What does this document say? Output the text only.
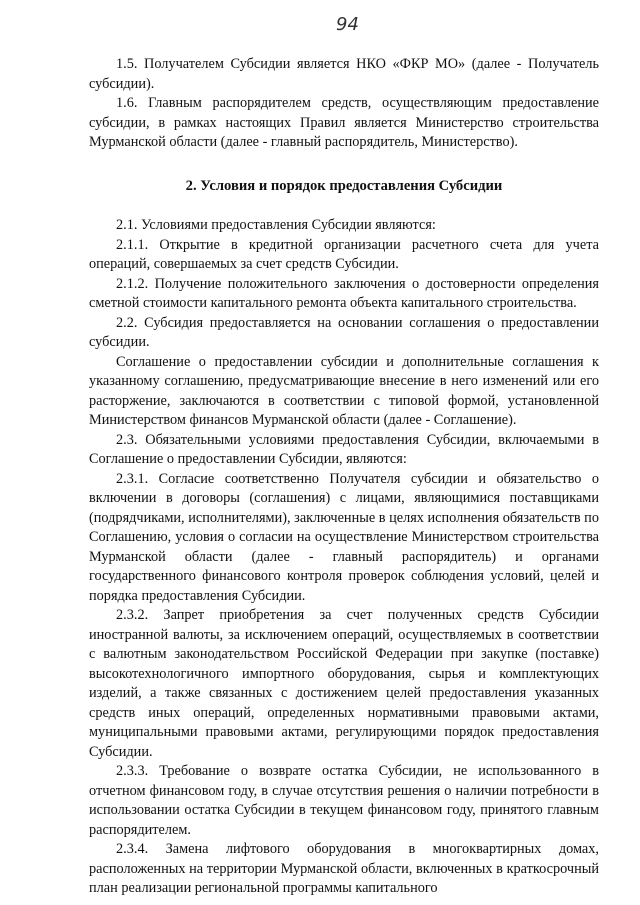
94

1.5. Получателем Субсидии является НКО «ФКР МО» (далее - Получатель субсидии).

1.6. Главным распорядителем средств, осуществляющим предоставление субсидии, в рамках настоящих Правил является Министерство строительства Мурманской области (далее - главный распорядитель, Министерство).

2. Условия и порядок предоставления Субсидии

2.1. Условиями предоставления Субсидии являются:

2.1.1. Открытие в кредитной организации расчетного счета для учета операций, совершаемых за счет средств Субсидии.

2.1.2. Получение положительного заключения о достоверности определения сметной стоимости капитального ремонта объекта капитального строительства.

2.2. Субсидия предоставляется на основании соглашения о предоставлении субсидии.

Соглашение о предоставлении субсидии и дополнительные соглашения к указанному соглашению, предусматривающие внесение в него изменений или его расторжение, заключаются в соответствии с типовой формой, установленной Министерством финансов Мурманской области (далее - Соглашение).

2.3. Обязательными условиями предоставления Субсидии, включаемыми в Соглашение о предоставлении Субсидии, являются:

2.3.1. Согласие соответственно Получателя субсидии и обязательство о включении в договоры (соглашения) с лицами, являющимися поставщиками (подрядчиками, исполнителями), заключенные в целях исполнения обязательств по Соглашению, условия о согласии на осуществление Министерством строительства Мурманской области (далее - главный распорядитель) и органами государственного финансового контроля проверок соблюдения условий, целей и порядка предоставления Субсидии.

2.3.2. Запрет приобретения за счет полученных средств Субсидии иностранной валюты, за исключением операций, осуществляемых в соответствии с валютным законодательством Российской Федерации при закупке (поставке) высокотехнологичного импортного оборудования, сырья и комплектующих изделий, а также связанных с достижением целей предоставления указанных средств иных операций, определенных нормативными правовыми актами, муниципальными правовыми актами, регулирующими порядок предоставления Субсидии.

2.3.3. Требование о возврате остатка Субсидии, не использованного в отчетном финансовом году, в случае отсутствия решения о наличии потребности в использовании остатка Субсидии в текущем финансовом году, принятого главным распорядителем.

2.3.4. Замена лифтового оборудования в многоквартирных домах, расположенных на территории Мурманской области, включенных в краткосрочный план реализации региональной программы капитального
